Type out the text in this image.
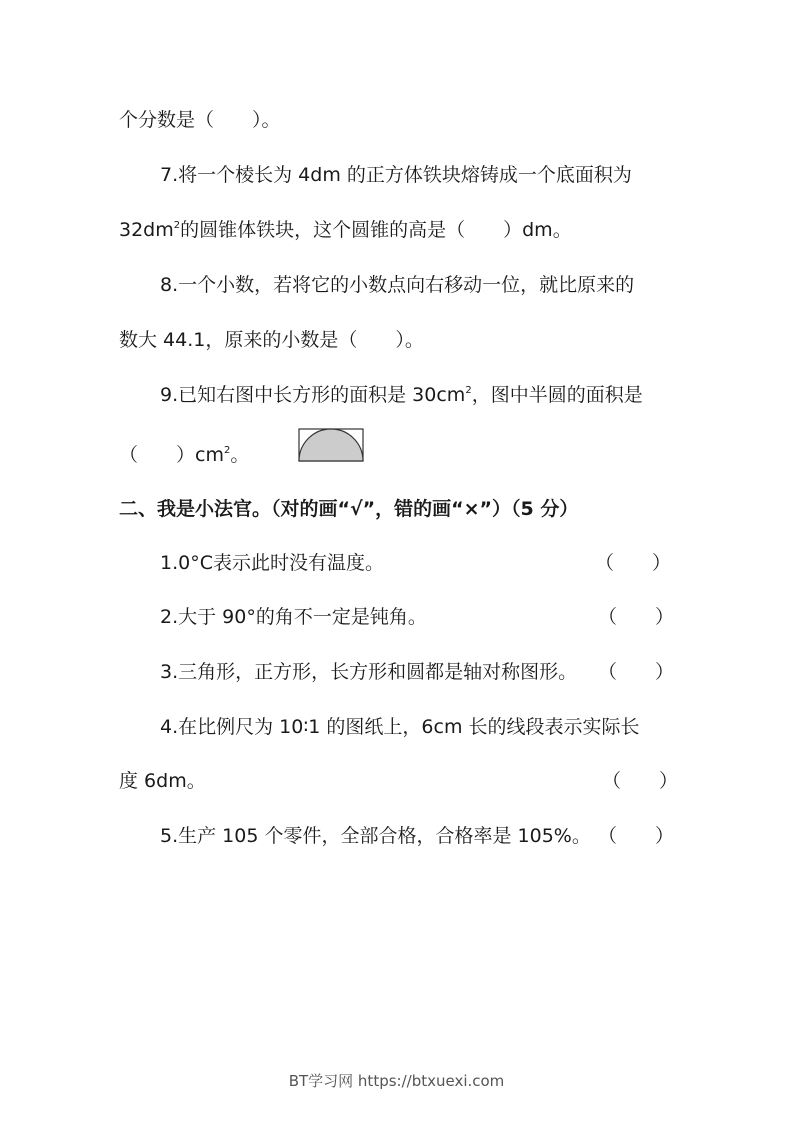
个分数是（　　）。
7.将一个棱长为 4dm 的正方体铁块熔铸成一个底面积为
$32dm^2$的圆锥体铁块，这个圆锥的高是（　　）dm。
8.一个小数，若将它的小数点向右移动一位，就比原来的
数大 44.1，原来的小数是（　　）。
9.已知右图中长方形的面积是 $30cm^2$，图中半圆的面积是
（　　）$cm^2$。
二、我是小法官。（对的画“√”，错的画“×”）（5 分）
1.0°C表示此时没有温度。	（　　）
2.大于 90°的角不一定是钝角。	（　　）
3.三角形，正方形，长方形和圆都是轴对称图形。 （　　）
4.在比例尺为 10∶1 的图纸上，6cm 长的线段表示实际长
度 6dm。	（　　）
5.生产 105 个零件，全部合格，合格率是 105%。 （　　）
BT学习网 https://btxuexi.com
